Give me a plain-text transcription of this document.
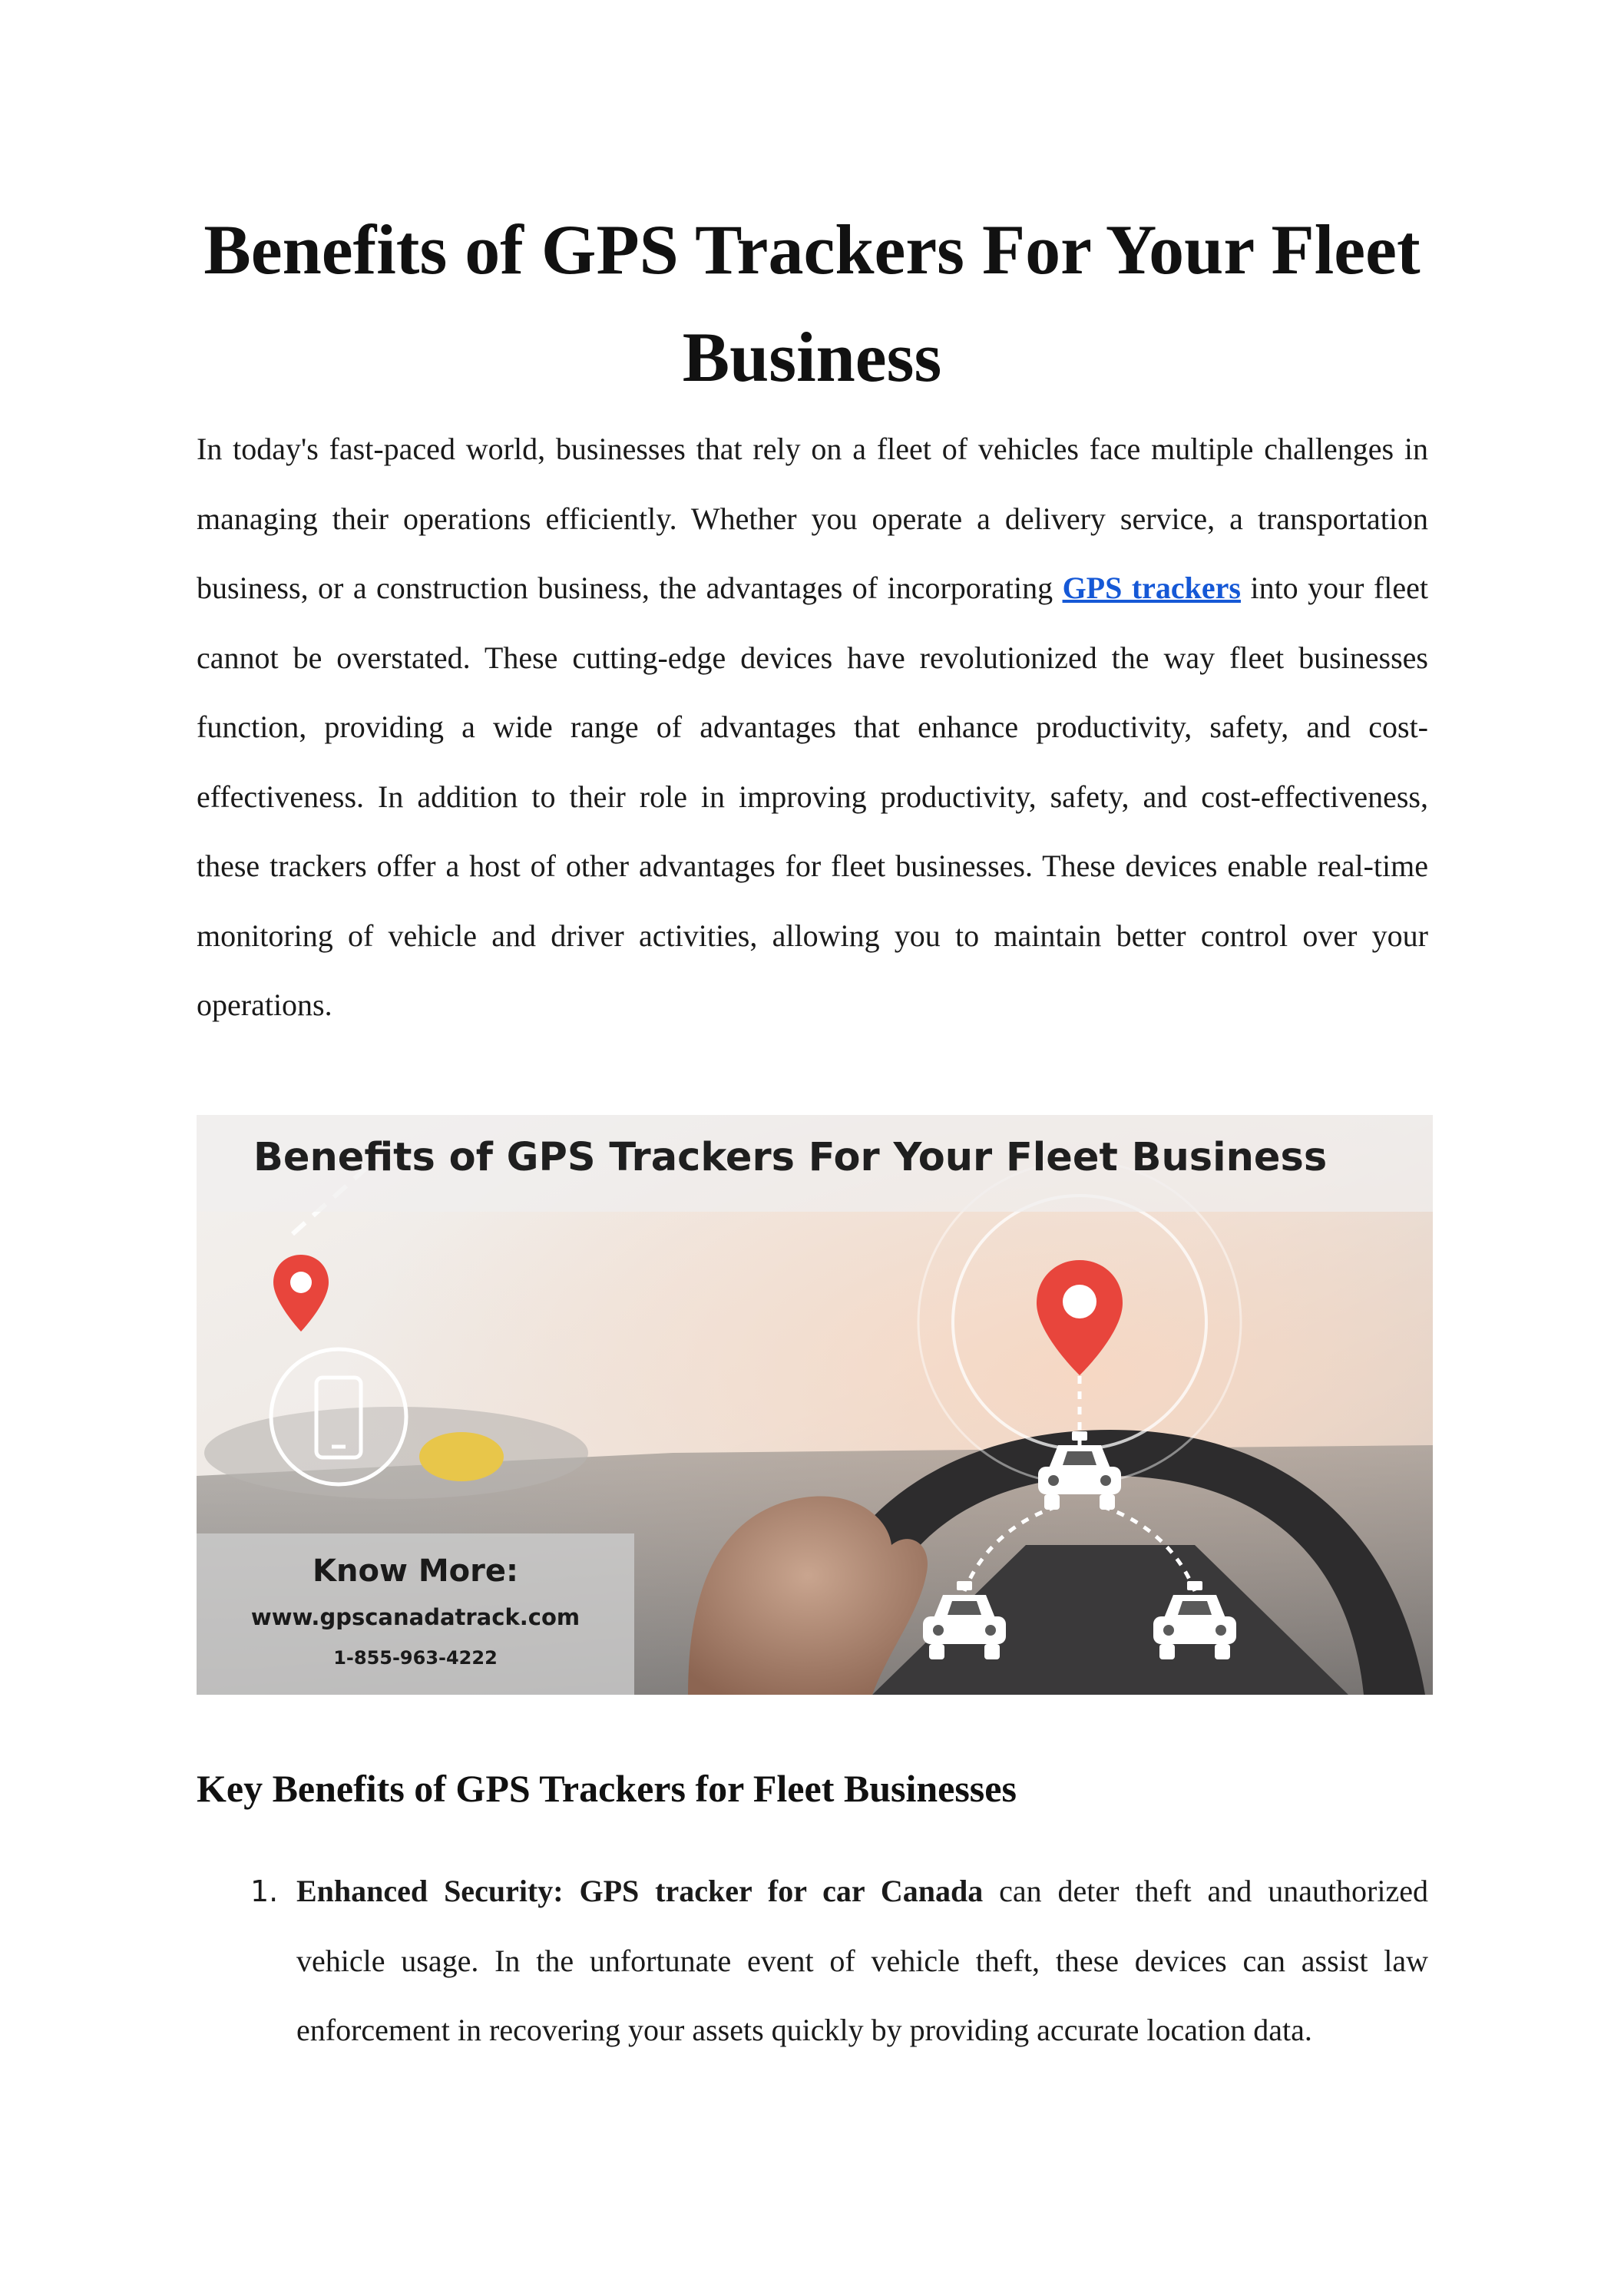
Benefits of GPS Trackers For Your Fleet Business

In today's fast-paced world, businesses that rely on a fleet of vehicles face multiple challenges in managing their operations efficiently. Whether you operate a delivery service, a transportation business, or a construction business, the advantages of incorporating GPS trackers into your fleet cannot be overstated. These cutting-edge devices have revolutionized the way fleet businesses function, providing a wide range of advantages that enhance productivity, safety, and cost-effectiveness. In addition to their role in improving productivity, safety, and cost-effectiveness, these trackers offer a host of other advantages for fleet businesses. These devices enable real-time monitoring of vehicle and driver activities, allowing you to maintain better control over your operations.

Benefits of GPS Trackers For Your Fleet Business
Know More:
www.gpscanadatrack.com
1-855-963-4222
Key Benefits of GPS Trackers for Fleet Businesses
1. Enhanced Security: GPS tracker for car Canada can deter theft and unauthorized vehicle usage. In the unfortunate event of vehicle theft, these devices can assist law enforcement in recovering your assets quickly by providing accurate location data.
